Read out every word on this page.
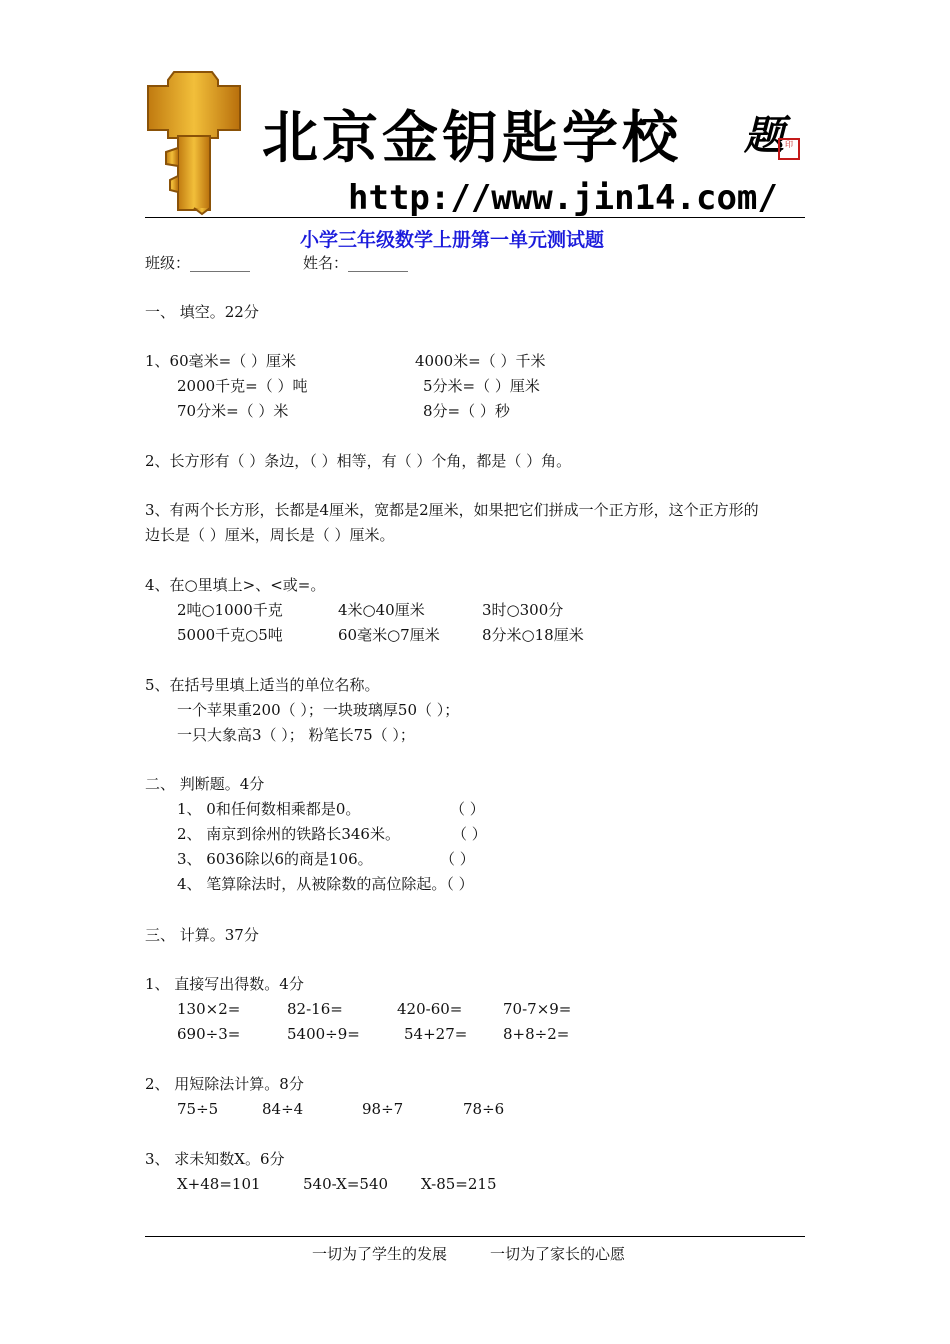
北京金钥匙学校 题 印
http://www.jin14.com/
小学三年级数学上册第一单元测试题
班级：________	姓名：________
一、 填空。22分
1、60毫米=（ ）厘米	4000米=（ ）千米
2000千克=（ ）吨	5分米=（ ）厘米
70分米=（ ）米	8分=（ ）秒
2、长方形有（ ）条边，（ ）相等，有（ ）个角，都是（ ）角。
3、有两个长方形，长都是4厘米，宽都是2厘米，如果把它们拼成一个正方形，这个正方形的
边长是（ ）厘米，周长是（ ）厘米。
4、在○里填上>、<或=。
2吨○1000千克	4米○40厘米	3时○300分
5000千克○5吨	60毫米○7厘米	8分米○18厘米
5、在括号里填上适当的单位名称。
一个苹果重200（ ）；一块玻璃厚50（ ）；
一只大象高3（ ）； 粉笔长75（ ）；
二、 判断题。4分
1、 0和任何数相乘都是0。	（ ）
2、 南京到徐州的铁路长346米。	（ ）
3、 6036除以6的商是106。	（ ）
4、 笔算除法时，从被除数的高位除起。（ ）
三、 计算。37分
1、 直接写出得数。4分
130×2=	82-16=	420-60=	70-7×9=
690÷3=	5400÷9=	54+27= 8+8÷2=
2、 用短除法计算。8分
75÷5	84÷4	98÷7	78÷6
3、 求未知数X。6分
X+48=101	540-X=540 X-85=215
一切为了学生的发展	一切为了家长的心愿
